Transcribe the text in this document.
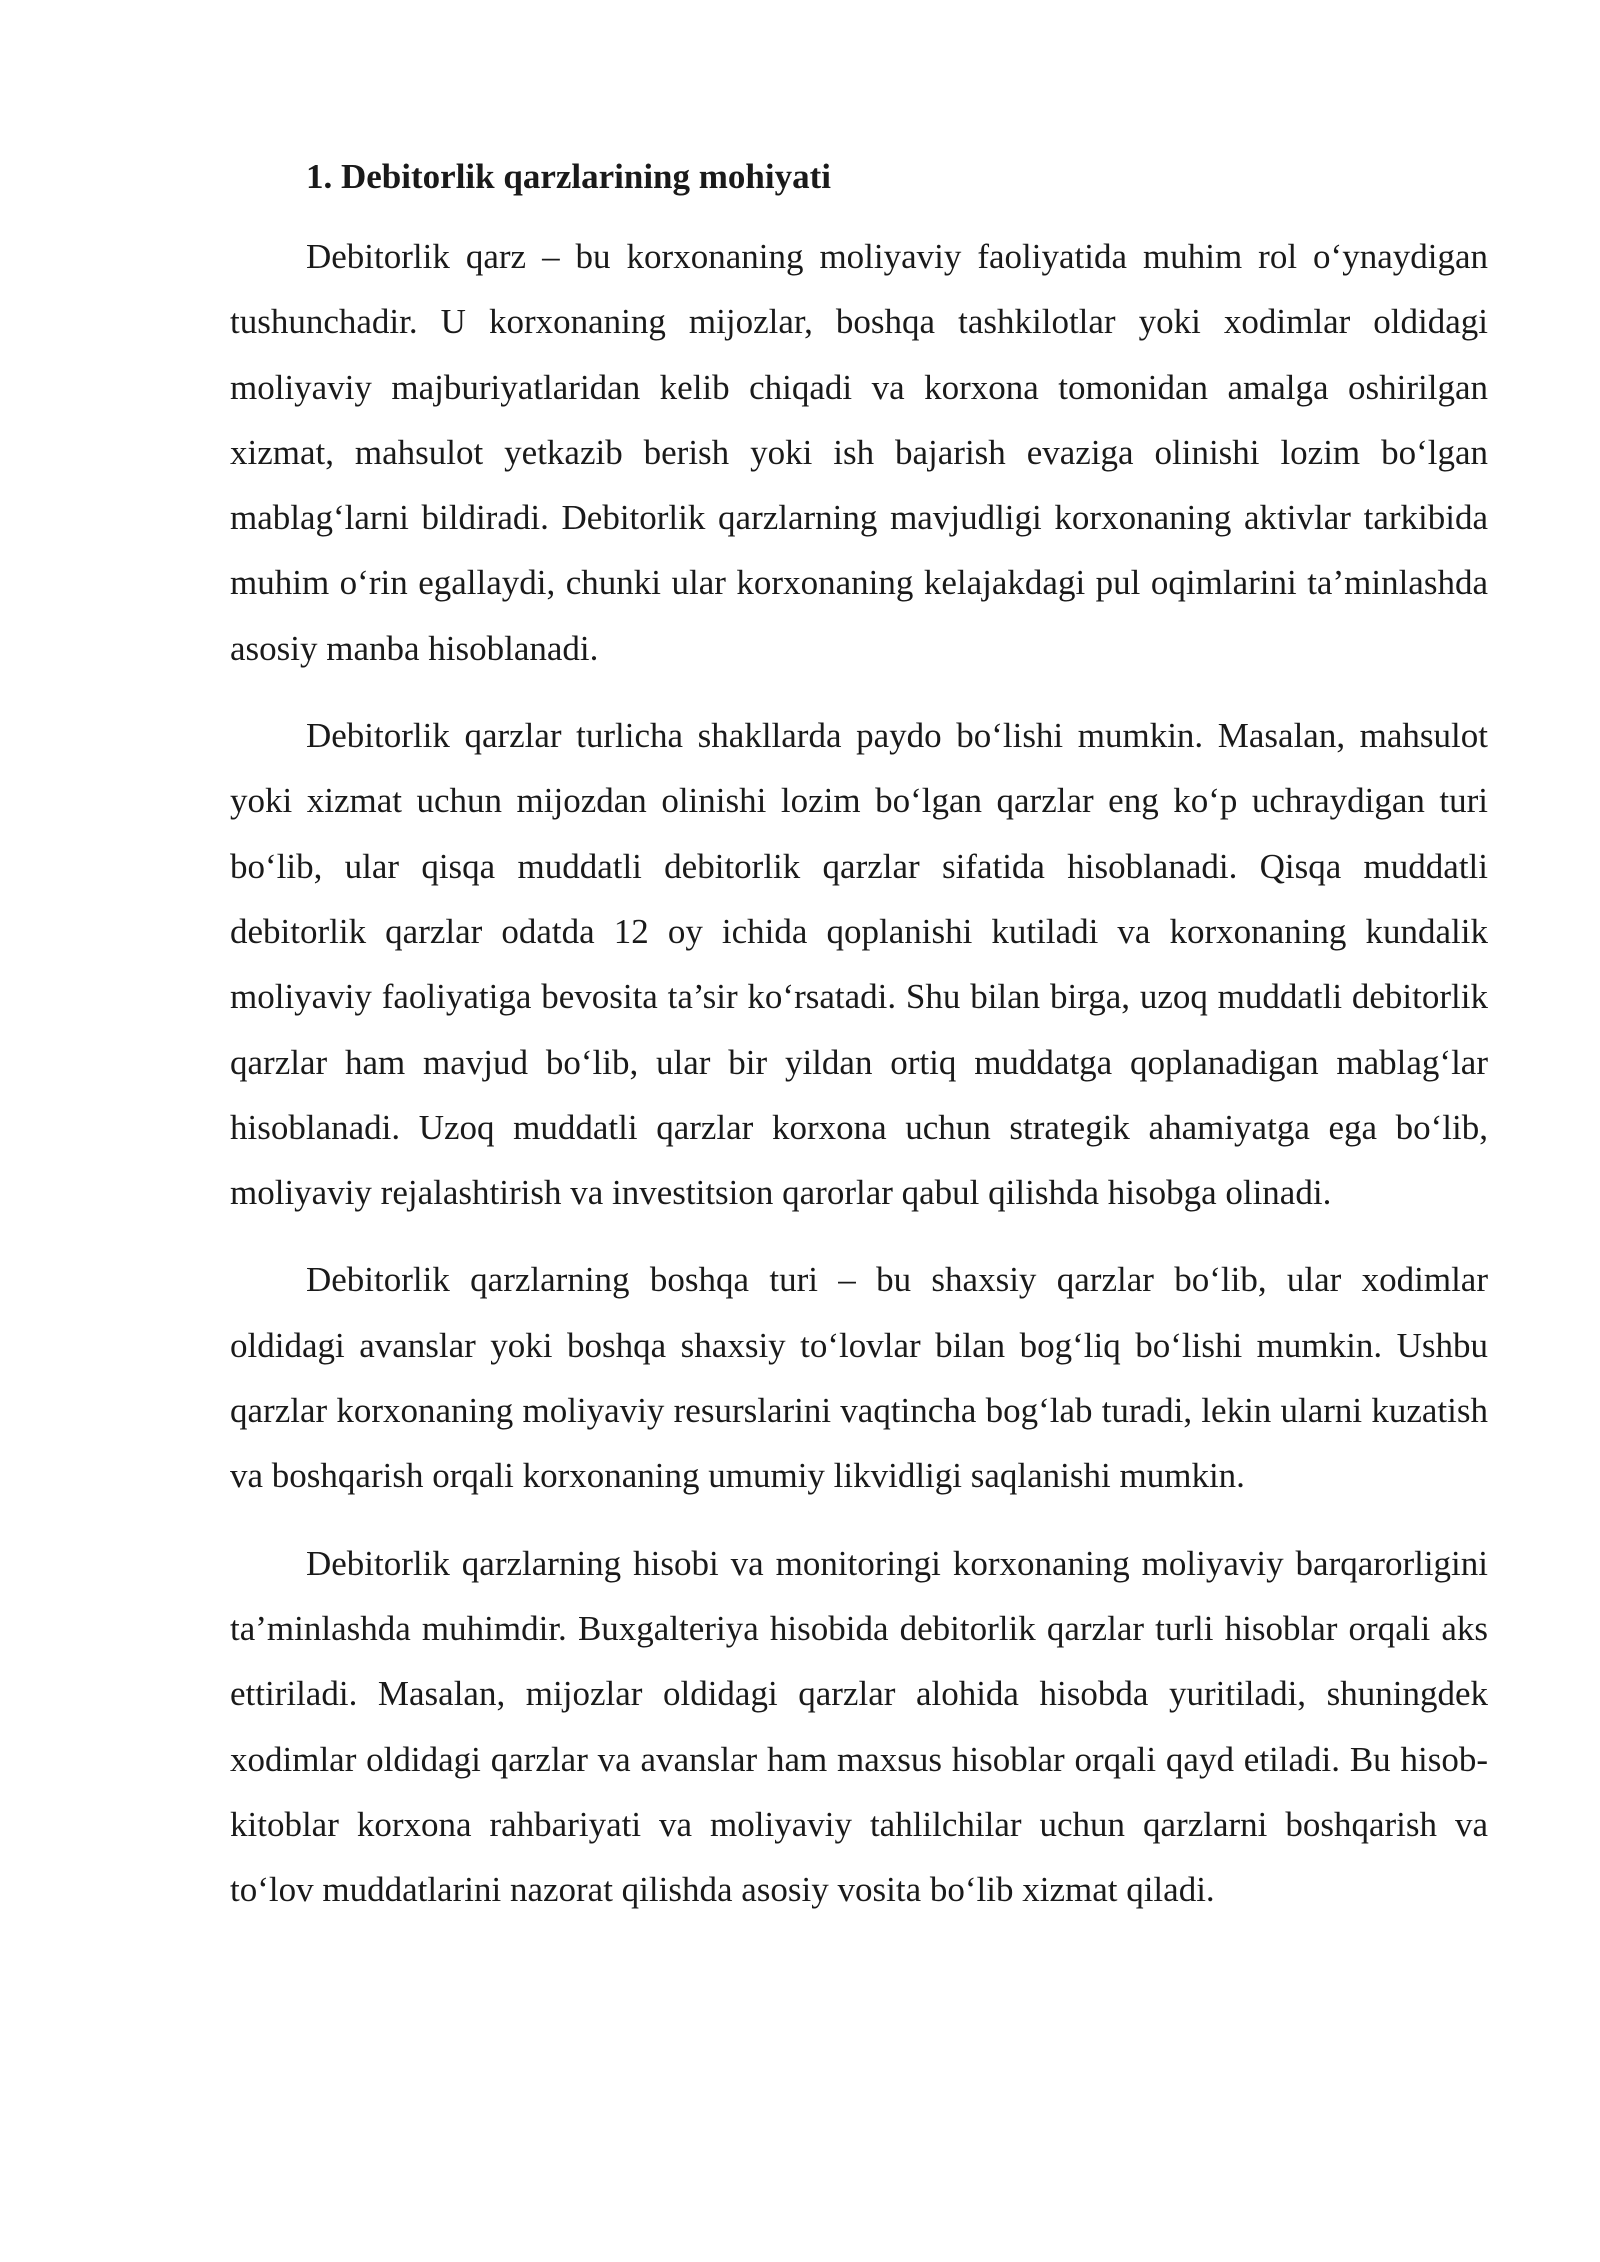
1. Debitorlik qarzlarining mohiyati

Debitorlik qarz – bu korxonaning moliyaviy faoliyatida muhim rol o‘ynaydigan tushunchadir. U korxonaning mijozlar, boshqa tashkilotlar yoki xodimlar oldidagi moliyaviy majburiyatlaridan kelib chiqadi va korxona tomonidan amalga oshirilgan xizmat, mahsulot yetkazib berish yoki ish bajarish evaziga olinishi lozim bo‘lgan mablag‘larni bildiradi. Debitorlik qarzlarning mavjudligi korxonaning aktivlar tarkibida muhim o‘rin egallaydi, chunki ular korxonaning kelajakdagi pul oqimlarini ta’minlashda asosiy manba hisoblanadi.

Debitorlik qarzlar turlicha shakllarda paydo bo‘lishi mumkin. Masalan, mahsulot yoki xizmat uchun mijozdan olinishi lozim bo‘lgan qarzlar eng ko‘p uchraydigan turi bo‘lib, ular qisqa muddatli debitorlik qarzlar sifatida hisoblanadi. Qisqa muddatli debitorlik qarzlar odatda 12 oy ichida qoplanishi kutiladi va korxonaning kundalik moliyaviy faoliyatiga bevosita ta’sir ko‘rsatadi. Shu bilan birga, uzoq muddatli debitorlik qarzlar ham mavjud bo‘lib, ular bir yildan ortiq muddatga qoplanadigan mablag‘lar hisoblanadi. Uzoq muddatli qarzlar korxona uchun strategik ahamiyatga ega bo‘lib, moliyaviy rejalashtirish va investitsion qarorlar qabul qilishda hisobga olinadi.

Debitorlik qarzlarning boshqa turi – bu shaxsiy qarzlar bo‘lib, ular xodimlar oldidagi avanslar yoki boshqa shaxsiy to‘lovlar bilan bog‘liq bo‘lishi mumkin. Ushbu qarzlar korxonaning moliyaviy resurslarini vaqtincha bog‘lab turadi, lekin ularni kuzatish va boshqarish orqali korxonaning umumiy likvidligi saqlanishi mumkin.

Debitorlik qarzlarning hisobi va monitoringi korxonaning moliyaviy barqarorligini ta’minlashda muhimdir. Buxgalteriya hisobida debitorlik qarzlar turli hisoblar orqali aks ettiriladi. Masalan, mijozlar oldidagi qarzlar alohida hisobda yuritiladi, shuningdek xodimlar oldidagi qarzlar va avanslar ham maxsus hisoblar orqali qayd etiladi. Bu hisob-kitoblar korxona rahbariyati va moliyaviy tahlilchilar uchun qarzlarni boshqarish va to‘lov muddatlarini nazorat qilishda asosiy vosita bo‘lib xizmat qiladi.
